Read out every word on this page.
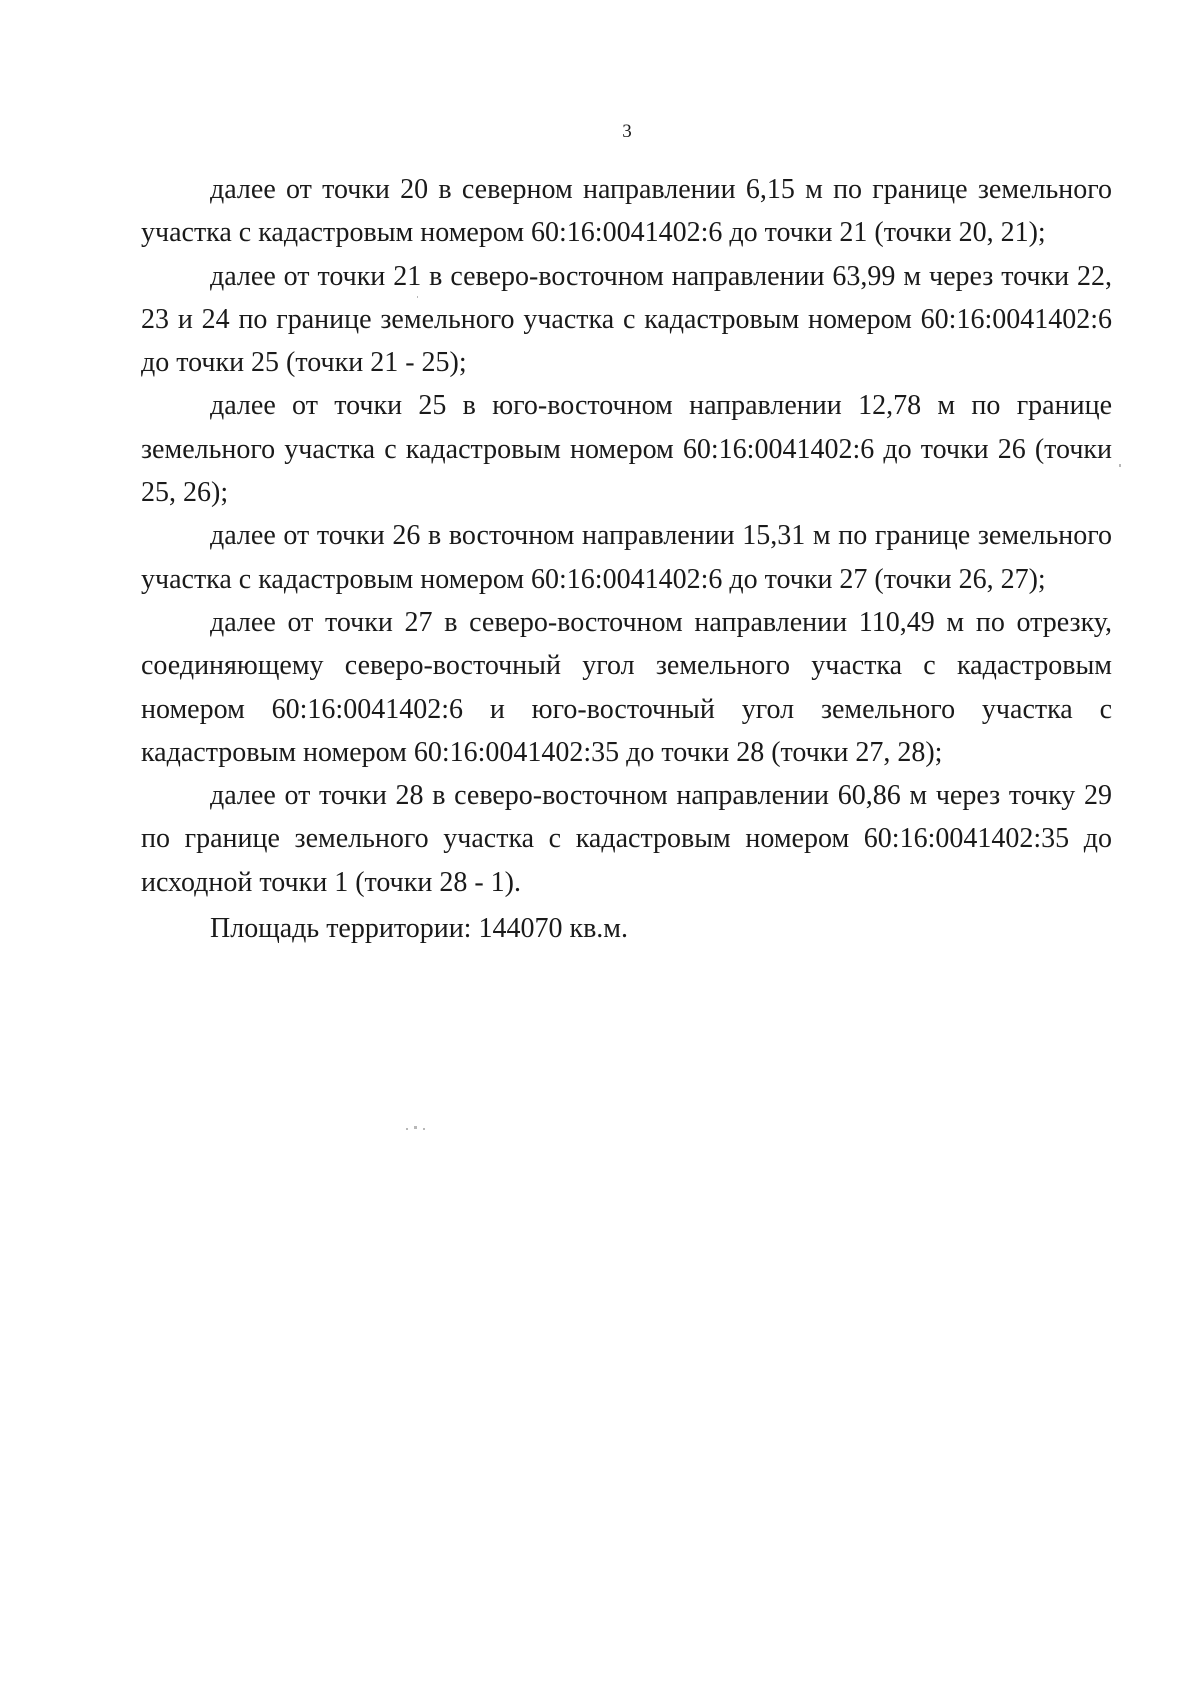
3

далее от точки 20 в северном направлении 6,15 м по границе земельного участка с кадастровым номером 60:16:0041402:6 до точки 21 (точки 20, 21);

далее от точки 21 в северо-восточном направлении 63,99 м через точки 22, 23 и 24 по границе земельного участка с кадастровым номером 60:16:0041402:6 до точки 25 (точки 21 - 25);

далее от точки 25 в юго-восточном направлении 12,78 м по границе земельного участка с кадастровым номером 60:16:0041402:6 до точки 26 (точки 25, 26);

далее от точки 26 в восточном направлении 15,31 м по границе земельного участка с кадастровым номером 60:16:0041402:6 до точки 27 (точки 26, 27);

далее от точки 27 в северо-восточном направлении 110,49 м по отрезку, соединяющему северо-восточный угол земельного участка с кадастровым номером 60:16:0041402:6 и юго-восточный угол земельного участка с кадастровым номером 60:16:0041402:35 до точки 28 (точки 27, 28);

далее от точки 28 в северо-восточном направлении 60,86 м через точку 29 по границе земельного участка с кадастровым номером 60:16:0041402:35 до исходной точки 1 (точки 28 - 1).

Площадь территории: 144070 кв.м.
